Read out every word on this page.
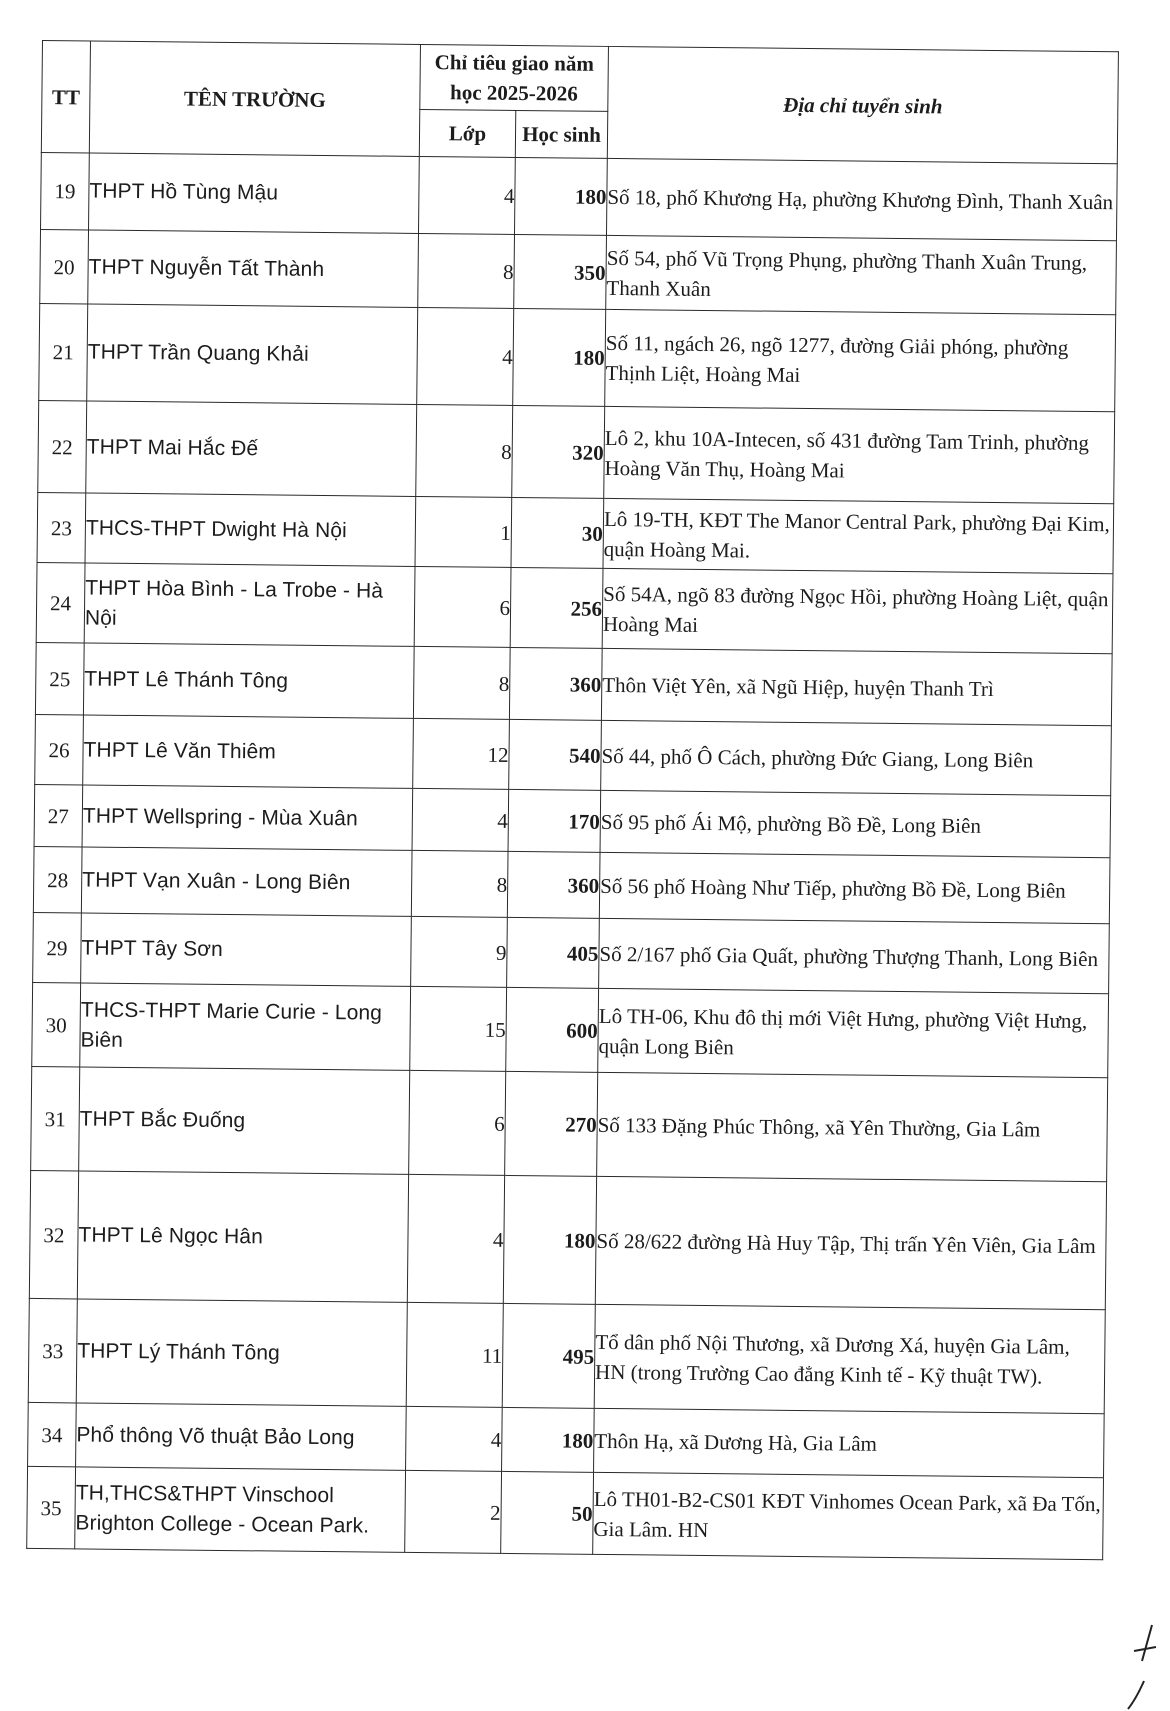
TT	TÊN TRƯỜNG	Chỉ tiêu giao năm học 2025-2026		Địa chỉ tuyển sinh
		Lớp	Học sinh	
19	THPT Hồ Tùng Mậu	4	180	Số 18, phố Khương Hạ, phường Khương Đình, Thanh Xuân
20	THPT Nguyễn Tất Thành	8	350	Số 54, phố Vũ Trọng Phụng, phường Thanh Xuân Trung, Thanh Xuân
21	THPT Trần Quang Khải	4	180	Số 11, ngách 26, ngõ 1277, đường Giải phóng, phường Thịnh Liệt, Hoàng Mai
22	THPT Mai Hắc Đế	8	320	Lô 2, khu 10A-Intecen, số 431 đường Tam Trinh, phường Hoàng Văn Thụ, Hoàng Mai
23	THCS-THPT Dwight Hà Nội	1	30	Lô 19-TH, KĐT The Manor Central Park, phường Đại Kim, quận Hoàng Mai.
24	THPT Hòa Bình - La Trobe - Hà Nội	6	256	Số 54A, ngõ 83 đường Ngọc Hồi, phường Hoàng Liệt, quận Hoàng Mai
25	THPT Lê Thánh Tông	8	360	Thôn Việt Yên, xã Ngũ Hiệp, huyện Thanh Trì
26	THPT Lê Văn Thiêm	12	540	Số 44, phố Ô Cách, phường Đức Giang, Long Biên
27	THPT Wellspring - Mùa Xuân	4	170	Số 95 phố Ái Mộ, phường Bồ Đề, Long Biên
28	THPT Vạn Xuân - Long Biên	8	360	Số 56 phố Hoàng Như Tiếp, phường Bồ Đề, Long Biên
29	THPT Tây Sơn	9	405	Số 2/167 phố Gia Quất, phường Thượng Thanh, Long Biên
30	THCS-THPT Marie Curie - Long Biên	15	600	Lô TH-06, Khu đô thị mới Việt Hưng, phường Việt Hưng, quận Long Biên
31	THPT Bắc Đuống	6	270	Số 133 Đặng Phúc Thông, xã Yên Thường, Gia Lâm
32	THPT Lê Ngọc Hân	4	180	Số 28/622 đường Hà Huy Tập, Thị trấn Yên Viên, Gia Lâm
33	THPT Lý Thánh Tông	11	495	Tổ dân phố Nội Thương, xã Dương Xá, huyện Gia Lâm, HN (trong Trường Cao đẳng Kinh tế - Kỹ thuật TW).
34	Phổ thông Võ thuật Bảo Long	4	180	Thôn Hạ, xã Dương Hà, Gia Lâm
35	TH,THCS&THPT Vinschool Brighton College - Ocean Park.	2	50	Lô TH01-B2-CS01 KĐT Vinhomes Ocean Park, xã Đa Tốn, Gia Lâm. HN
